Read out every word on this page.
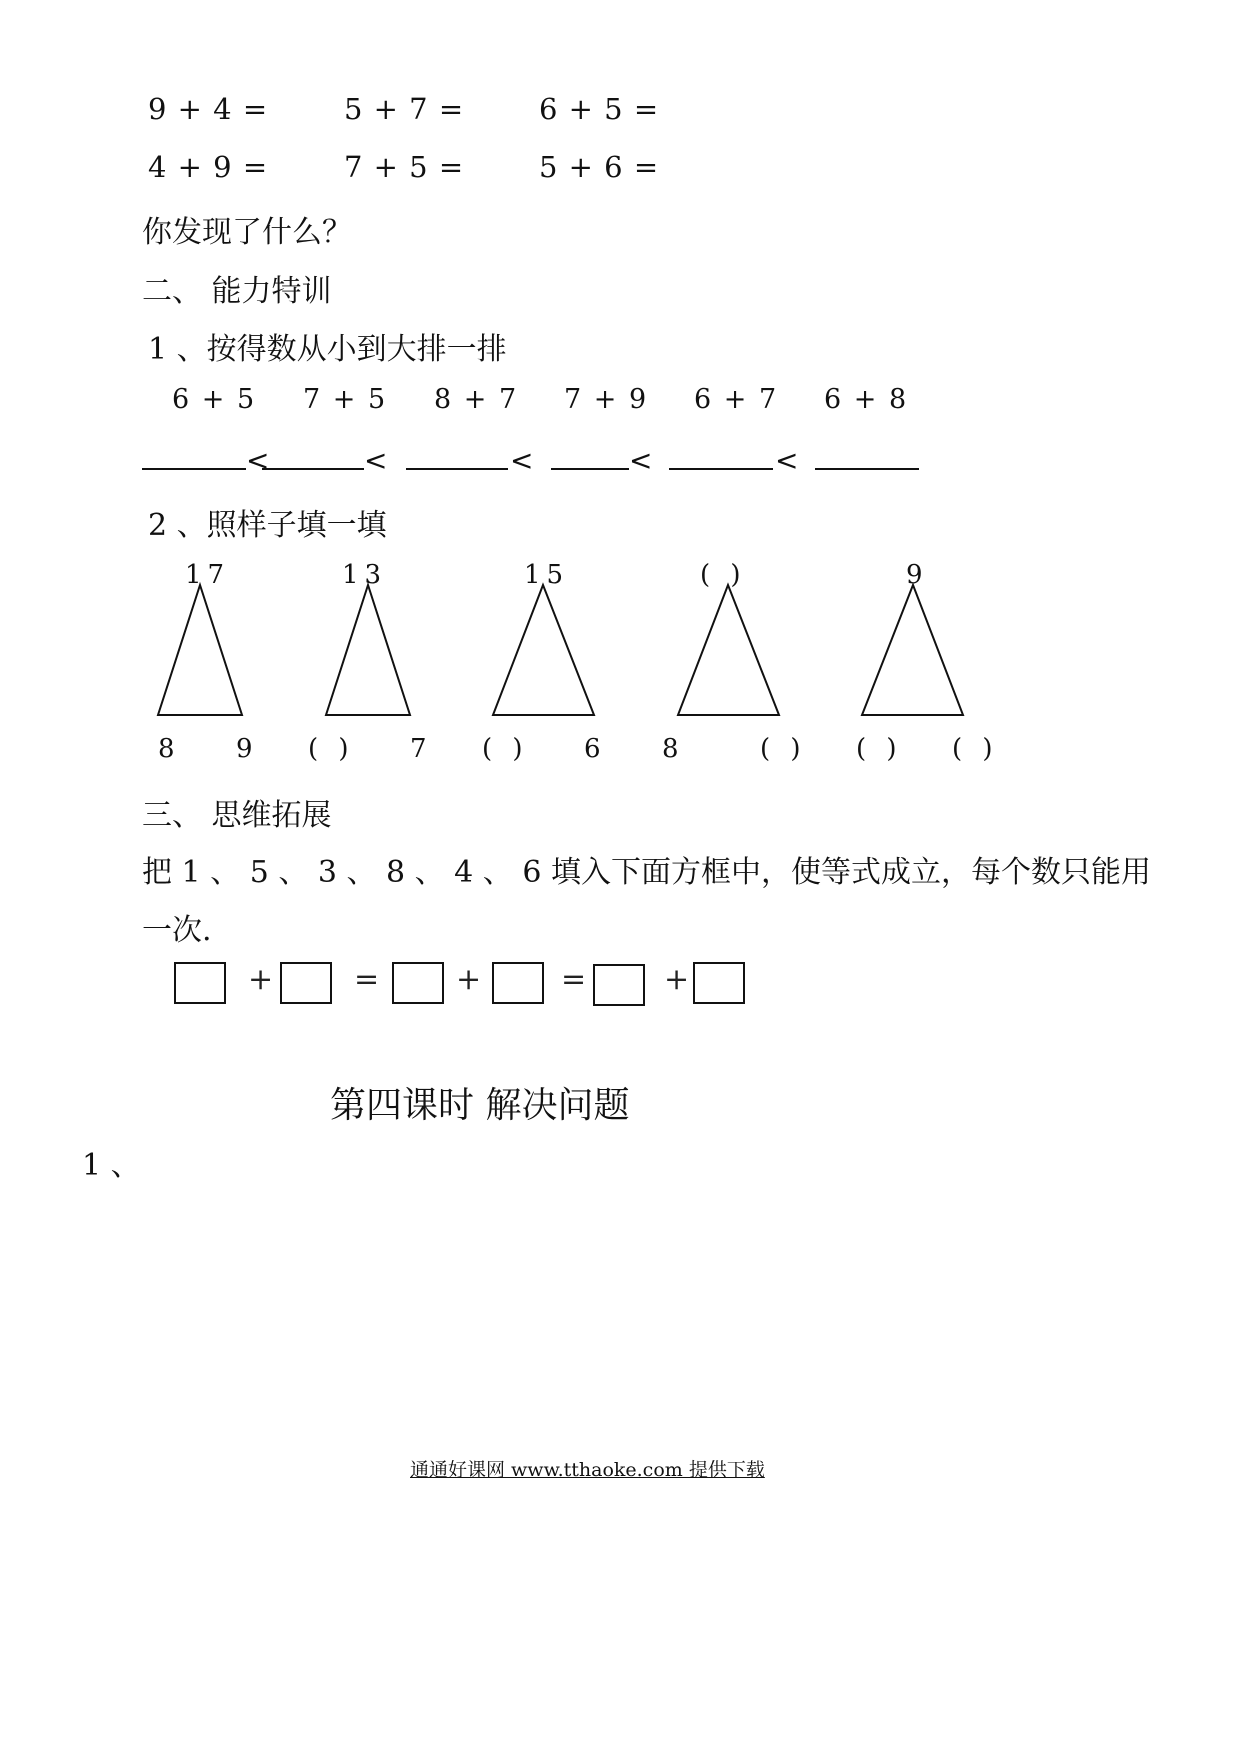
9 + 4 =	5 + 7 =	6 + 5 =
4 + 9 =	7 + 5 =	5 + 6 =
你发现了什么？
二、 能力特训
1 、按得数从小到大排一排
6 + 5 7 + 5 8 + 7 7 + 9 6 + 7 6 + 8
<	<	<	<	<
2 、照样子填一填
17	13	15	( )	9
8 9 ( ) 7 ( ) 6 8	( ) ( ) ( )
三、 思维拓展
把 1 、 5 、 3 、 8 、 4 、 6 填入下面方框中，使等式成立，每个数只能用
一次.
+	=	+	=	+
第四课时 解决问题
1 、
通通好课网 www.tthaoke.com 提供下载
